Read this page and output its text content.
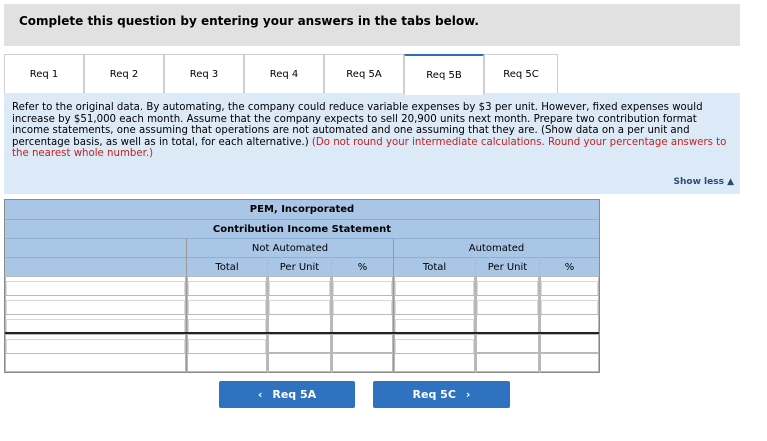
Complete this question by entering your answers in the tabs below.
Req 1	Req 2	Req 3	Req 4	Req 5A	Req 5B	Req 5C

Refer to the original data. By automating, the company could reduce variable expenses by $3 per unit. However, fixed expenses would increase by $51,000 each month. Assume that the company expects to sell 20,900 units next month. Prepare two contribution format income statements, one assuming that operations are not automated and one assuming that they are. (Show data on a per unit and percentage basis, as well as in total, for each alternative.) (Do not round your intermediate calculations. Round your percentage answers to the nearest whole number.)

Show less ▲
PEM, Incorporated
Contribution Income Statement
Not Automated	Automated
Total	Per Unit	%	Total	Per Unit	%
‹ Req 5A	Req 5C ›
